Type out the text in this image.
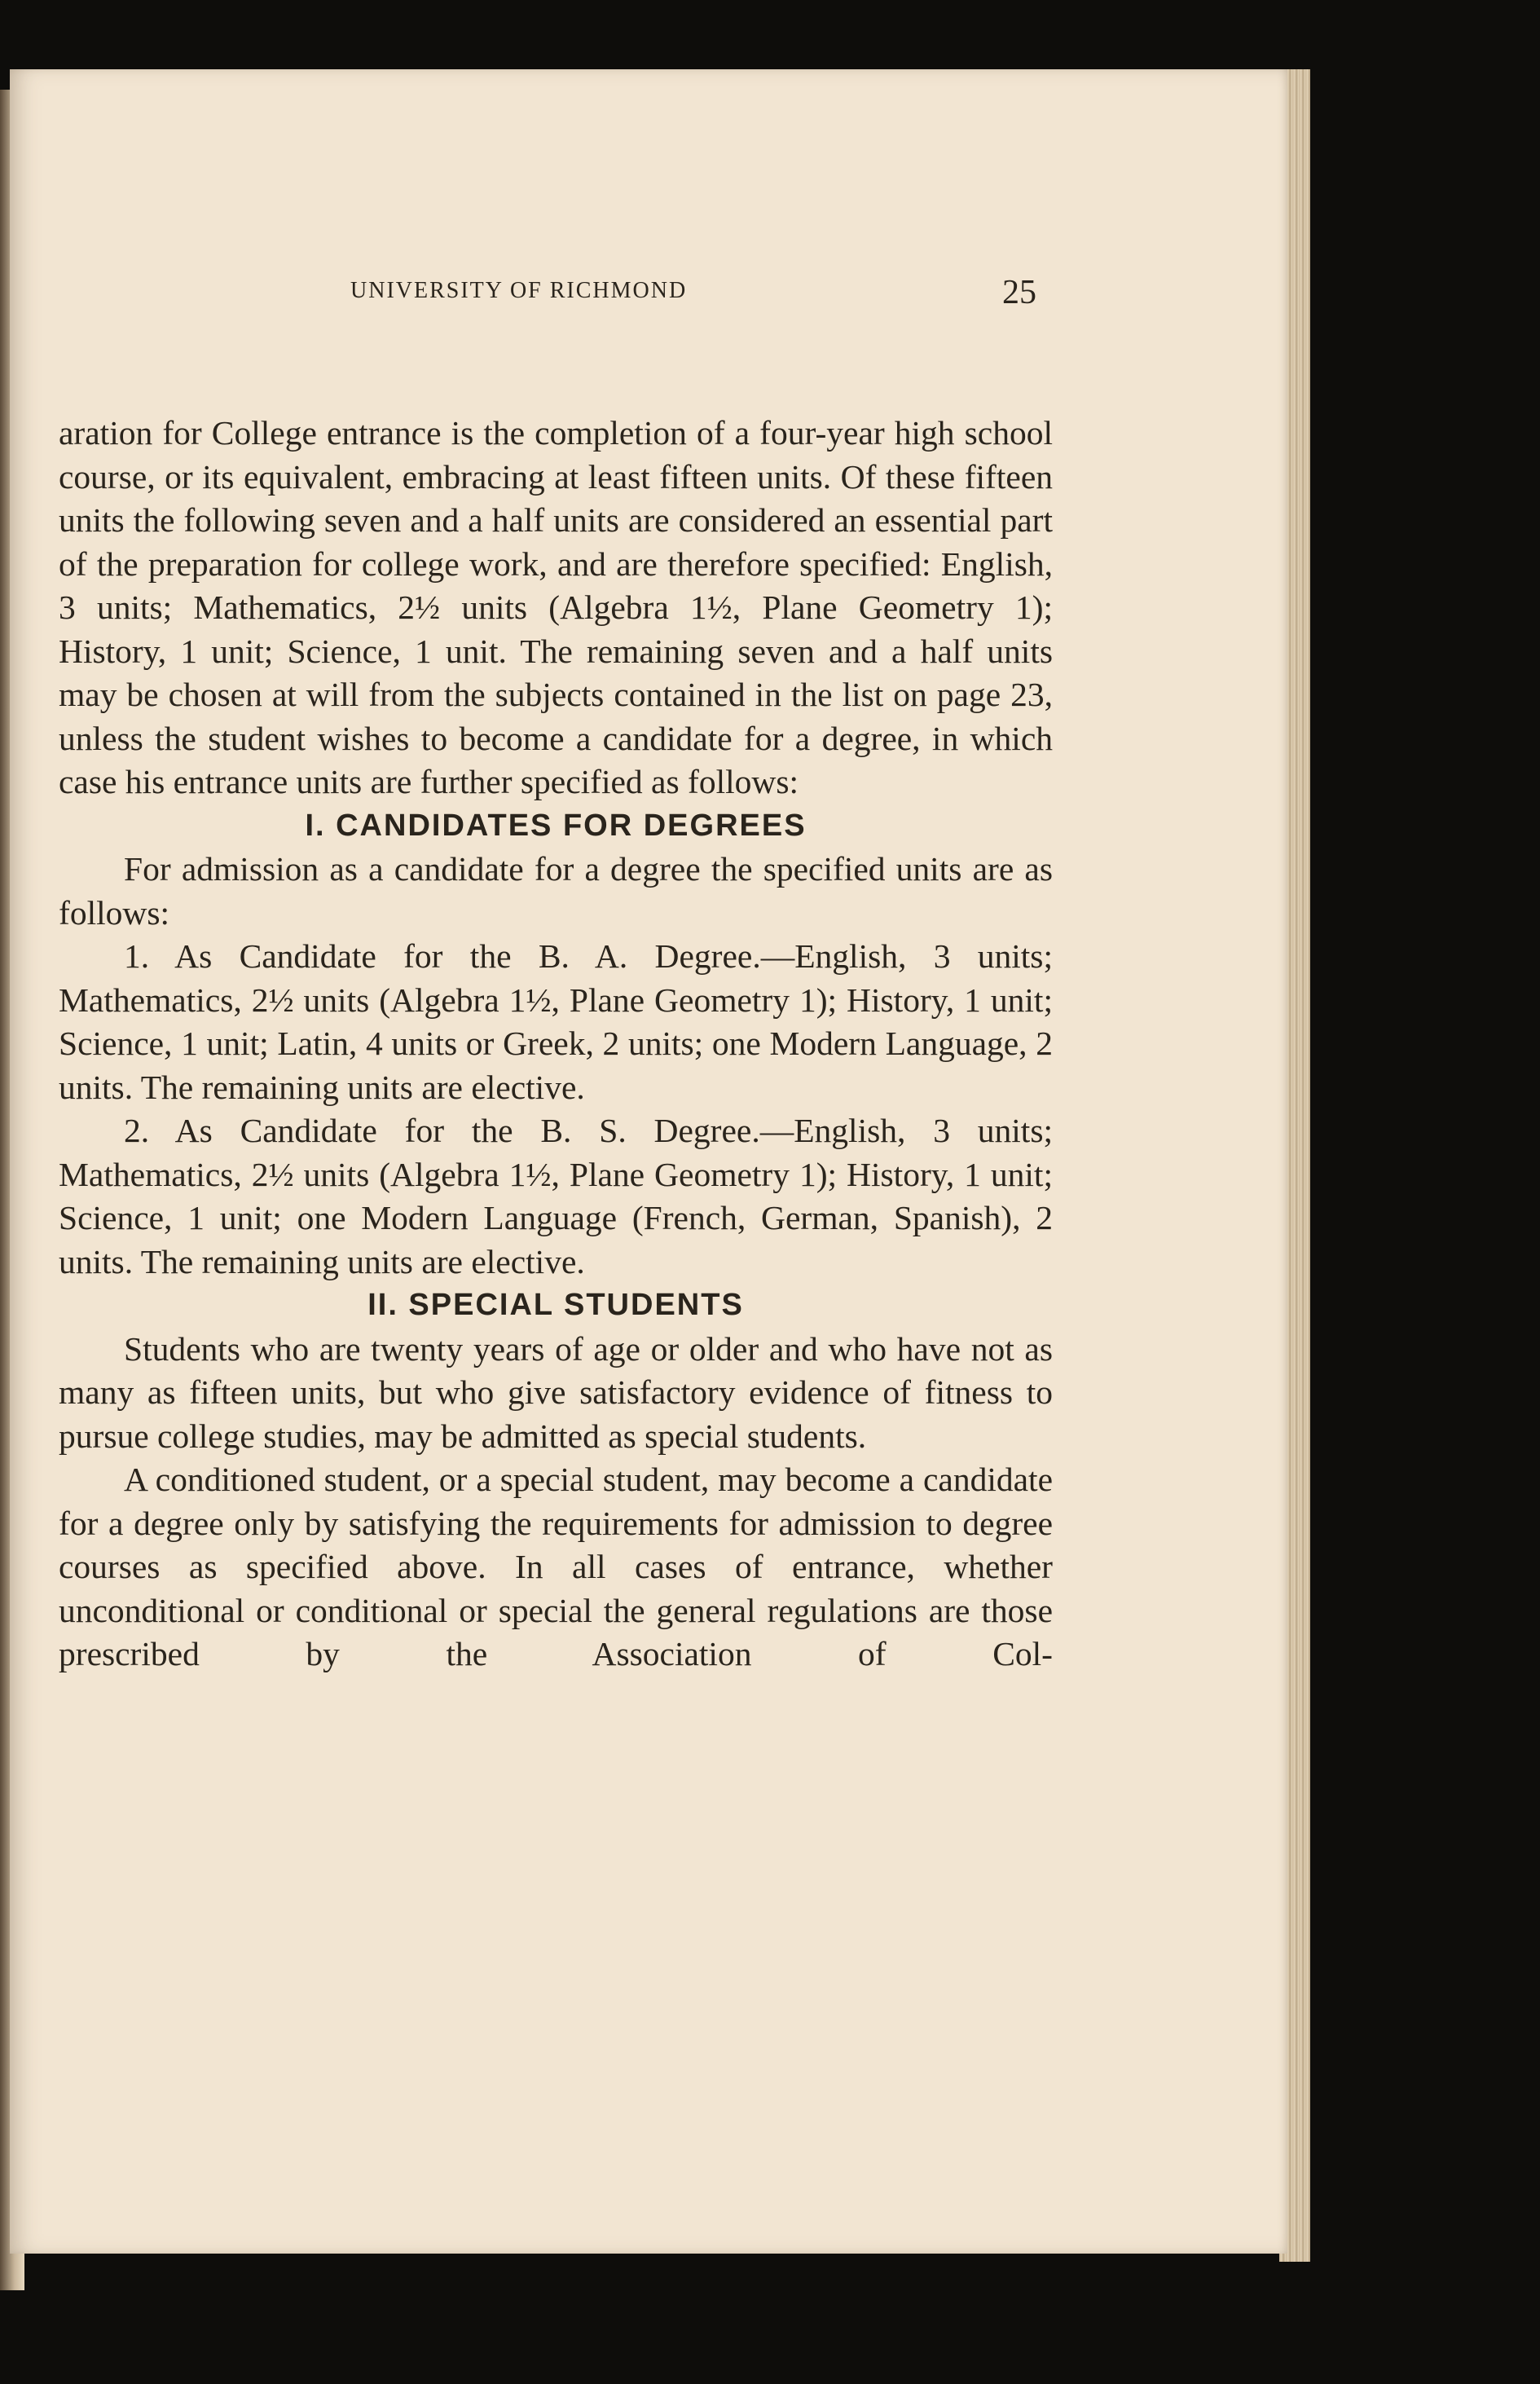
UNIVERSITY OF RICHMOND	25

aration for College entrance is the completion of a four-year high school course, or its equivalent, embracing at least fifteen units. Of these fifteen units the following seven and a half units are considered an essential part of the preparation for college work, and are therefore specified: English, 3 units; Mathematics, 2½ units (Algebra 1½, Plane Geometry 1); History, 1 unit; Science, 1 unit. The remaining seven and a half units may be chosen at will from the subjects contained in the list on page 23, unless the student wishes to become a candidate for a degree, in which case his entrance units are further specified as follows:

I. CANDIDATES FOR DEGREES

For admission as a candidate for a degree the specified units are as follows:

1. As Candidate for the B. A. Degree.—English, 3 units; Mathematics, 2½ units (Algebra 1½, Plane Geometry 1); History, 1 unit; Science, 1 unit; Latin, 4 units or Greek, 2 units; one Modern Language, 2 units. The remaining units are elective.

2. As Candidate for the B. S. Degree.—English, 3 units; Mathematics, 2½ units (Algebra 1½, Plane Geometry 1); History, 1 unit; Science, 1 unit; one Modern Language (French, German, Spanish), 2 units. The remaining units are elective.

II. SPECIAL STUDENTS

Students who are twenty years of age or older and who have not as many as fifteen units, but who give satisfactory evidence of fitness to pursue college studies, may be admitted as special students.

A conditioned student, or a special student, may become a candidate for a degree only by satisfying the requirements for admission to degree courses as specified above. In all cases of entrance, whether unconditional or conditional or special the general regulations are those prescribed by the Association of Col-
